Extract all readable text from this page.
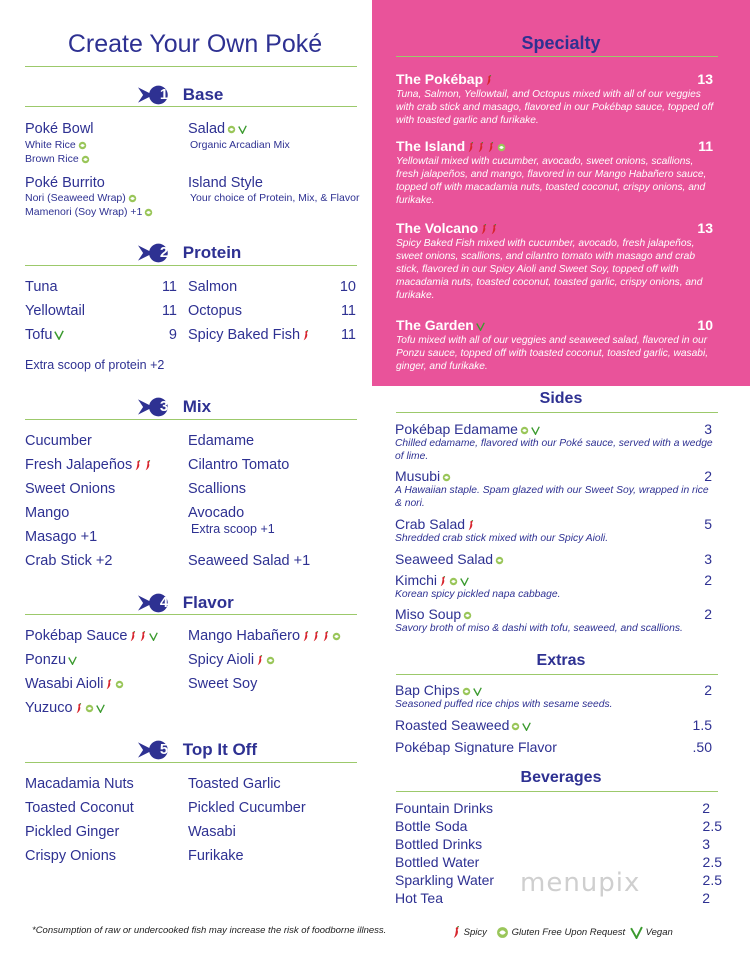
Create Your Own Poké
1 Base
Poké Bowl
White Rice
Brown Rice
Poké Burrito
Nori (Seaweed Wrap)
Mamenori (Soy Wrap) +1
Salad
Organic Arcadian Mix
Island Style
Your choice of Protein, Mix, & Flavor
2 Protein
Tuna	11 Salmon	10
Yellowtail	11 Octopus	11
Tofu	9 Spicy Baked Fish	11
Extra scoop of protein +2
3 Mix
Cucumber
Fresh Jalapeños
Sweet Onions
Mango
Masago +1
Crab Stick +2
Edamame
Cilantro Tomato
Scallions
Avocado
Extra scoop +1
Seaweed Salad +1
4 Flavor
Pokébap Sauce
Ponzu
Wasabi Aioli
Yuzuco
Mango Habañero
Spicy Aioli
Sweet Soy
5 Top It Off
Macadamia Nuts
Toasted Coconut
Pickled Ginger
Crispy Onions
Toasted Garlic
Pickled Cucumber
Wasabi
Furikake
Specialty
The Pokébap	13
Tuna, Salmon, Yellowtail, and Octopus mixed with all of our veggies with crab stick and masago, flavored in our Pokébap sauce, topped off with toasted garlic and furikake.
The Island	11
Yellowtail mixed with cucumber, avocado, sweet onions, scallions, fresh jalapeños, and mango, flavored in our Mango Habañero sauce, topped off with macadamia nuts, toasted coconut, crispy onions, and furikake.
The Volcano	13
Spicy Baked Fish mixed with cucumber, avocado, fresh jalapeños, sweet onions, scallions, and cilantro tomato with masago and crab stick, flavored in our Spicy Aioli and Sweet Soy, topped off with macadamia nuts, toasted coconut, toasted garlic, crispy onions, and furikake.
The Garden	10
Tofu mixed with all of our veggies and seaweed salad, flavored in our Ponzu sauce, topped off with toasted coconut, toasted garlic, wasabi, ginger, and furikake.
Sides
Pokébap Edamame	3
Chilled edamame, flavored with our Poké sauce, served with a wedge of lime.
Musubi	2
A Hawaiian staple. Spam glazed with our Sweet Soy, wrapped in rice & nori.
Crab Salad	5
Shredded crab stick mixed with our Spicy Aioli.
Seaweed Salad	3
Kimchi	2
Korean spicy pickled napa cabbage.
Miso Soup	2
Savory broth of miso & dashi with tofu, seaweed, and scallions.
Extras
Bap Chips	2
Seasoned puffed rice chips with sesame seeds.
Roasted Seaweed	1.5
Pokébap Signature Flavor	.50
Beverages
Fountain Drinks	2
Bottle Soda	2.5
Bottled Drinks	3
Bottled Water	2.5
Sparkling Water	2.5
Hot Tea	2
menupix
*Consumption of raw or undercooked fish may increase the risk of foodborne illness.	Spicy	Gluten Free Upon Request	Vegan
